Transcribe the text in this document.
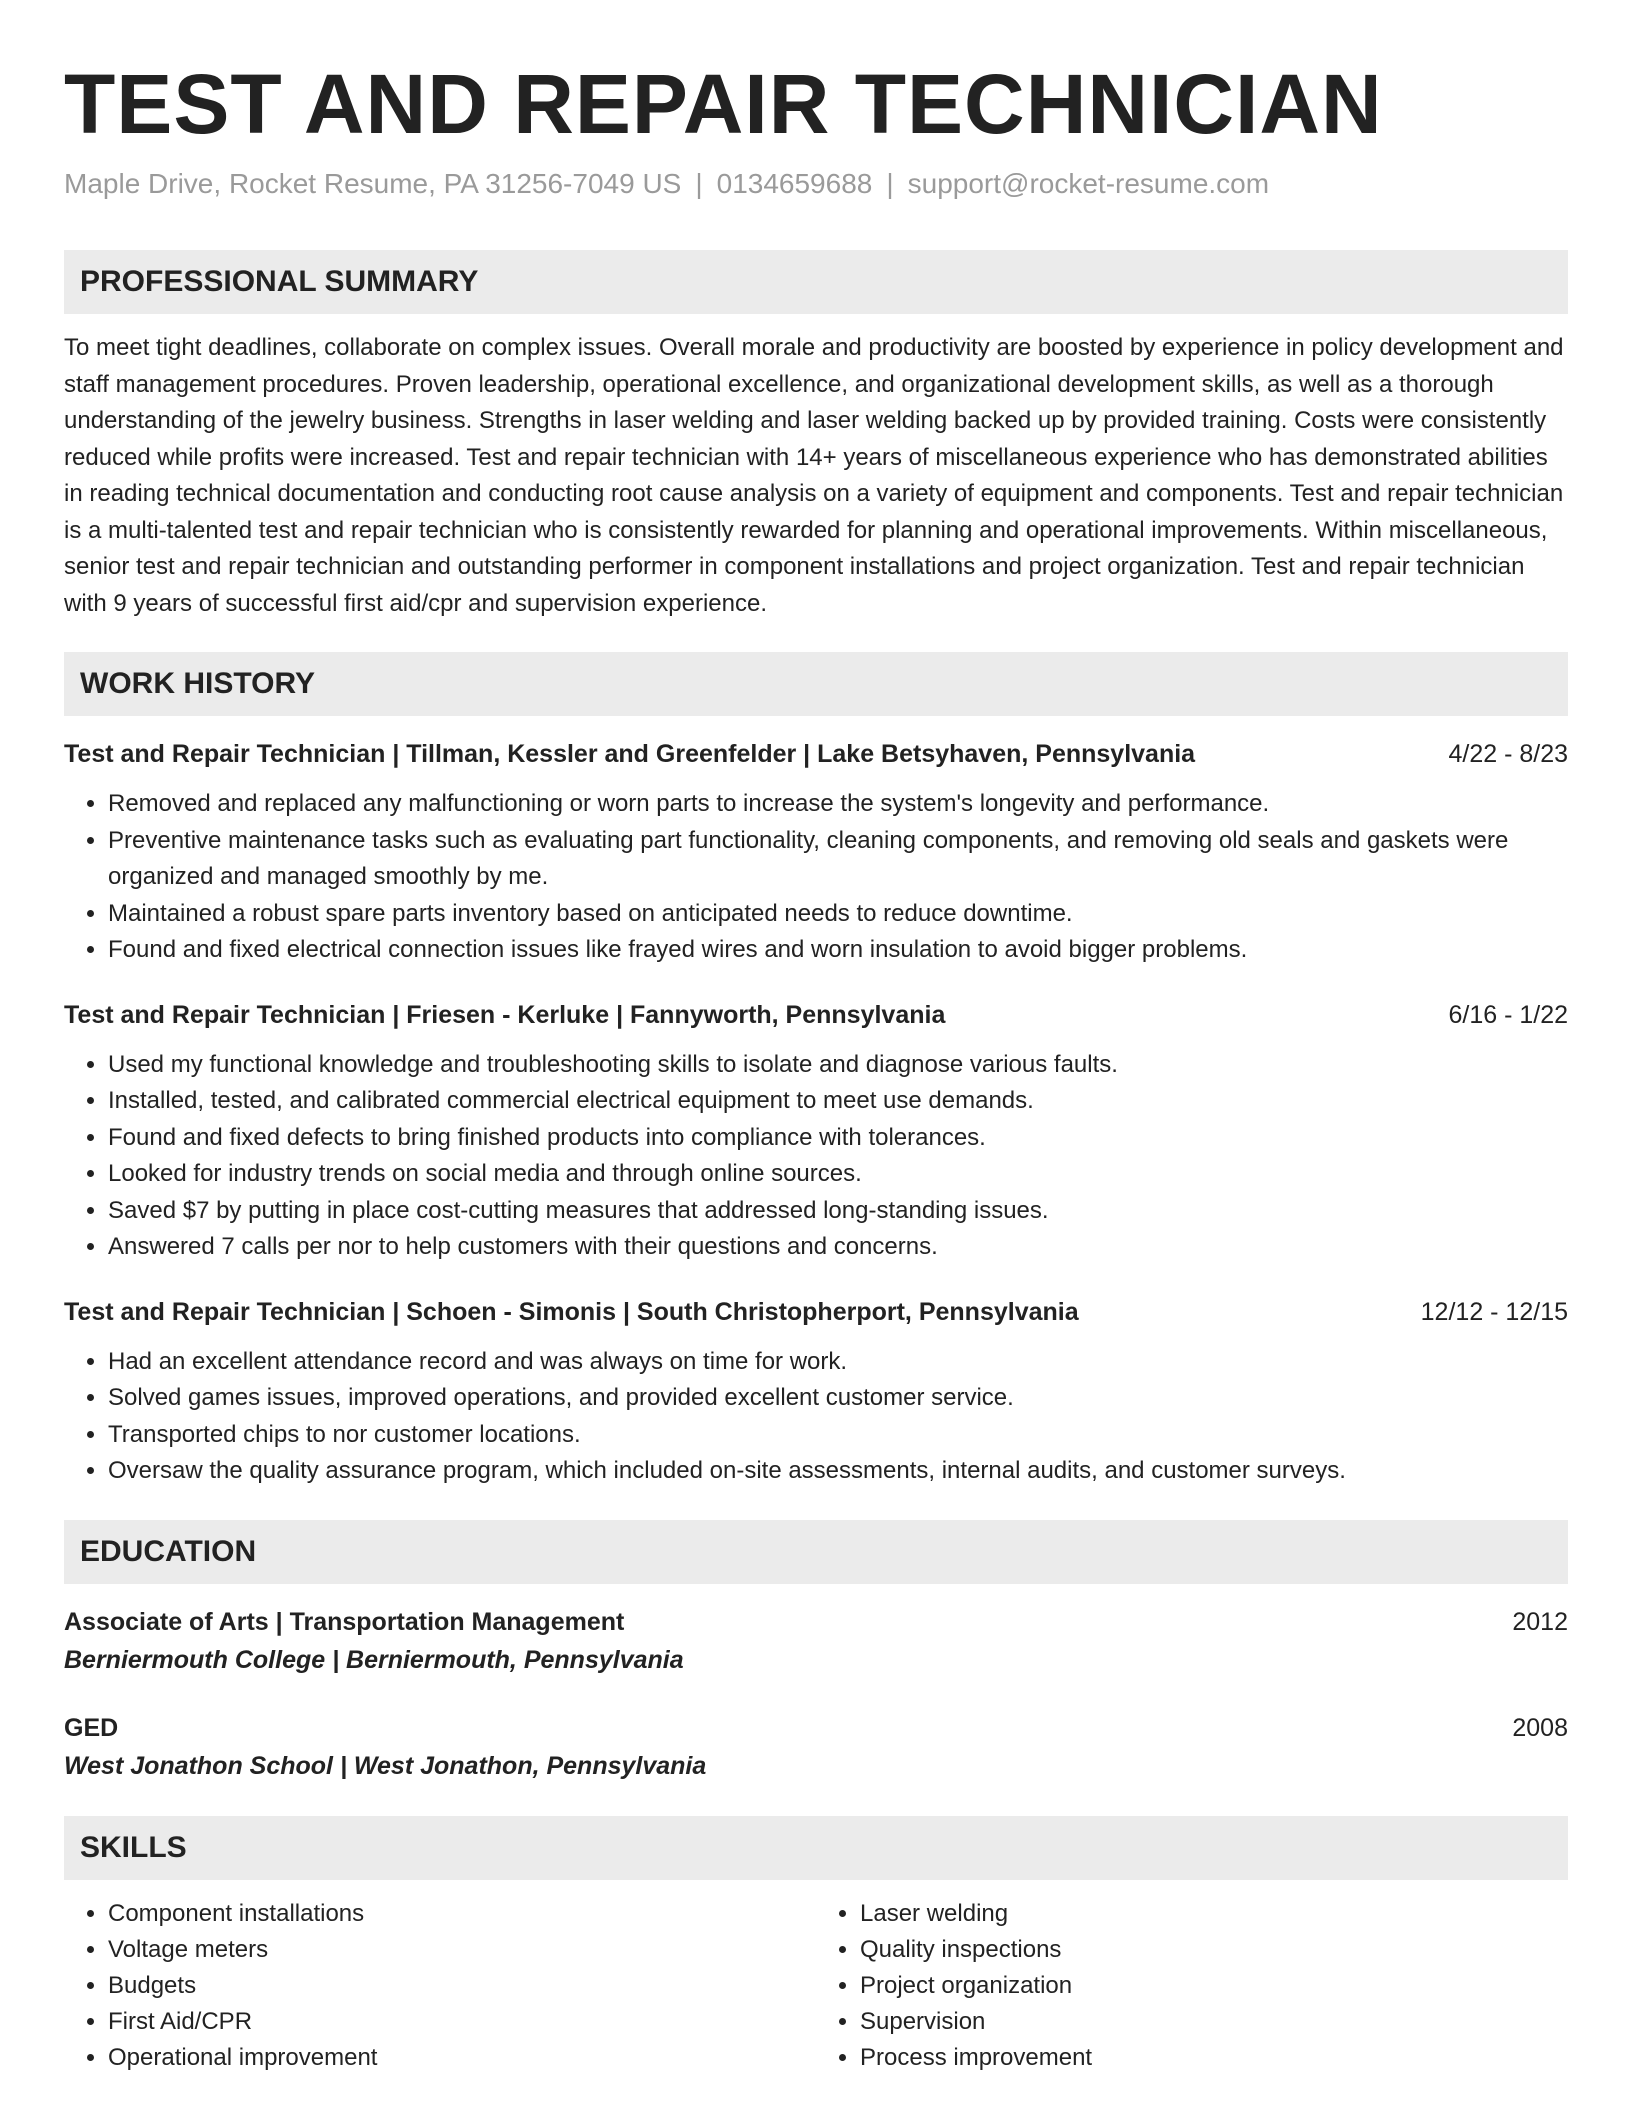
TEST AND REPAIR TECHNICIAN
Maple Drive, Rocket Resume, PA 31256-7049 US | 0134659688 | support@rocket-resume.com
PROFESSIONAL SUMMARY
To meet tight deadlines, collaborate on complex issues. Overall morale and productivity are boosted by experience in policy development and staff management procedures. Proven leadership, operational excellence, and organizational development skills, as well as a thorough understanding of the jewelry business. Strengths in laser welding and laser welding backed up by provided training. Costs were consistently reduced while profits were increased. Test and repair technician with 14+ years of miscellaneous experience who has demonstrated abilities in reading technical documentation and conducting root cause analysis on a variety of equipment and components. Test and repair technician is a multi-talented test and repair technician who is consistently rewarded for planning and operational improvements. Within miscellaneous, senior test and repair technician and outstanding performer in component installations and project organization. Test and repair technician with 9 years of successful first aid/cpr and supervision experience.
WORK HISTORY
Test and Repair Technician | Tillman, Kessler and Greenfelder | Lake Betsyhaven, Pennsylvania	4/22 - 8/23
• Removed and replaced any malfunctioning or worn parts to increase the system's longevity and performance.
• Preventive maintenance tasks such as evaluating part functionality, cleaning components, and removing old seals and gaskets were organized and managed smoothly by me.
• Maintained a robust spare parts inventory based on anticipated needs to reduce downtime.
• Found and fixed electrical connection issues like frayed wires and worn insulation to avoid bigger problems.
Test and Repair Technician | Friesen - Kerluke | Fannyworth, Pennsylvania	6/16 - 1/22
• Used my functional knowledge and troubleshooting skills to isolate and diagnose various faults.
• Installed, tested, and calibrated commercial electrical equipment to meet use demands.
• Found and fixed defects to bring finished products into compliance with tolerances.
• Looked for industry trends on social media and through online sources.
• Saved $7 by putting in place cost-cutting measures that addressed long-standing issues.
• Answered 7 calls per nor to help customers with their questions and concerns.
Test and Repair Technician | Schoen - Simonis | South Christopherport, Pennsylvania	12/12 - 12/15
• Had an excellent attendance record and was always on time for work.
• Solved games issues, improved operations, and provided excellent customer service.
• Transported chips to nor customer locations.
• Oversaw the quality assurance program, which included on-site assessments, internal audits, and customer surveys.
EDUCATION
Associate of Arts | Transportation Management	2012
Berniermouth College | Berniermouth, Pennsylvania
GED	2008
West Jonathon School | West Jonathon, Pennsylvania
SKILLS
• Component installations
• Voltage meters
• Budgets
• First Aid/CPR
• Operational improvement
• Laser welding
• Quality inspections
• Project organization
• Supervision
• Process improvement
